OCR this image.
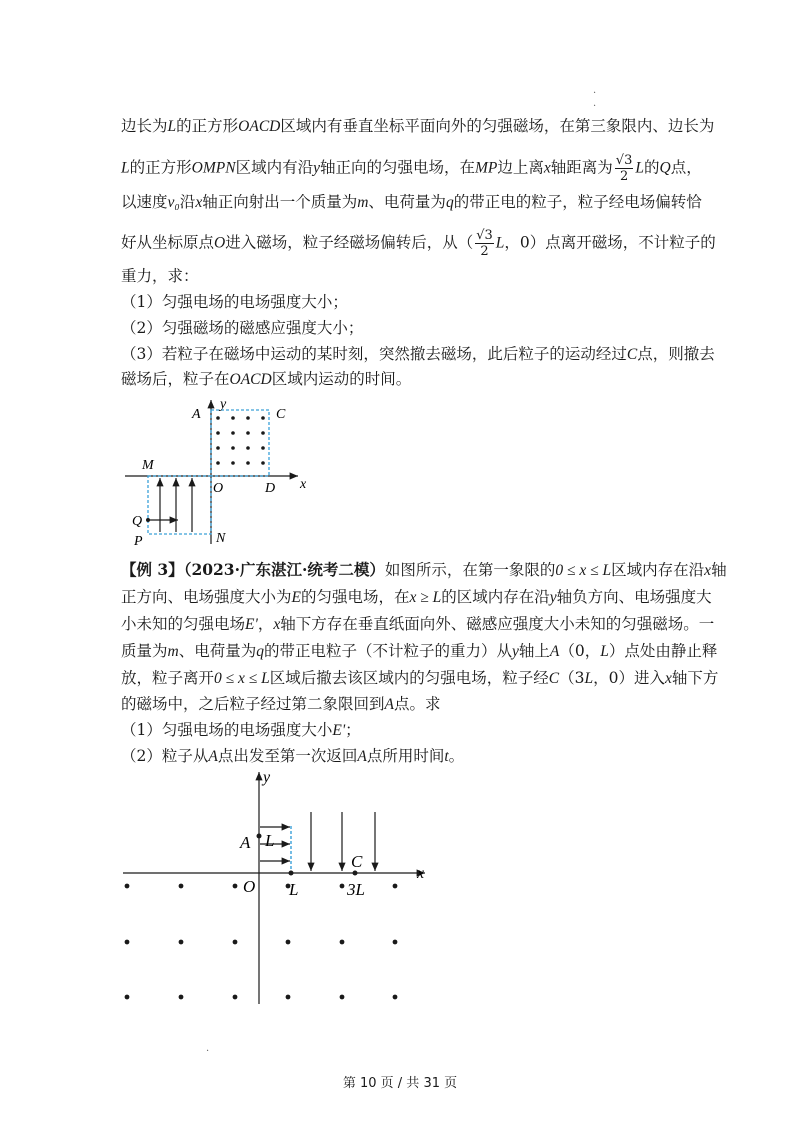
·
·
边长为L的正方形OACD区域内有垂直坐标平面向外的匀强磁场，在第三象限内、边长为
L的正方形OMPN区域内有沿y轴正向的匀强电场，在MP边上离x轴距离为 $\frac{√3}{2}$ L的Q点，
以速度v₀沿x轴正向射出一个质量为m、电荷量为q的带正电的粒子，粒子经电场偏转恰
好从坐标原点O进入磁场，粒子经磁场偏转后，从（ $\frac{√3}{2}$ L，0）点离开磁场，不计粒子的
重力，求：
（1）匀强电场的电场强度大小；
（2）匀强磁场的磁感应强度大小；
（3）若粒子在磁场中运动的某时刻，突然撤去磁场，此后粒子的运动经过C点，则撤去
磁场后，粒子在OACD区域内运动的时间。
y
x
A	C
M
O	D
Q
P	N
【例 3】（2023·广东湛江·统考二模）如图所示，在第一象限的0 ≤ x ≤ L区域内存在沿x轴
正方向、电场强度大小为E的匀强电场，在x ≥ L的区域内存在沿y轴负方向、电场强度大
小未知的匀强电场E'，x轴下方存在垂直纸面向外、磁感应强度大小未知的匀强磁场。一
质量为m、电荷量为q的带正电粒子（不计粒子的重力）从y轴上A（0，L）点处由静止释
放，粒子离开0 ≤ x ≤ L区域后撤去该区域内的匀强电场，粒子经C（3L，0）进入x轴下方
的磁场中，之后粒子经过第二象限回到A点。求
（1）匀强电场的电场强度大小E'；
（2）粒子从A点出发至第一次返回A点所用时间t。
y
x
A L
O L
C
3L
·
第 10 页 / 共 31 页
